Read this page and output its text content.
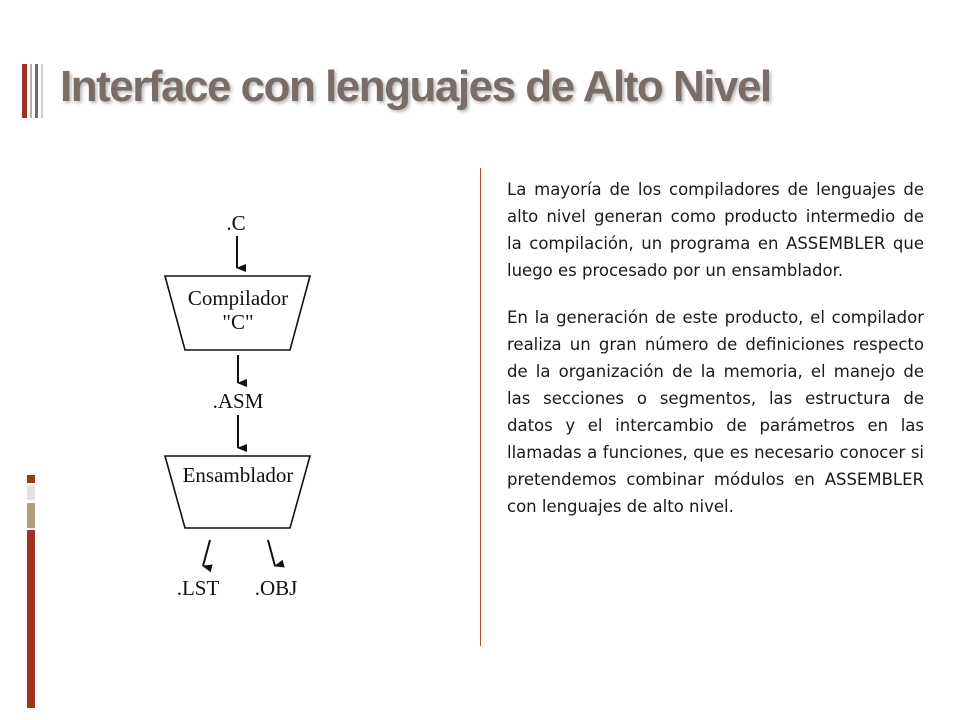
Interface con lenguajes de Alto Nivel
.C
Compilador
"C"
.ASM
Ensamblador
.LST .OBJ

La mayoría de los compiladores de lenguajes de alto nivel generan como producto intermedio de la compilación, un programa en ASSEMBLER que luego es procesado por un ensamblador.

En la generación de este producto, el compilador realiza un gran número de definiciones respecto de la organización de la memoria, el manejo de las secciones o segmentos, las estructura de datos y el intercambio de parámetros en las llamadas a funciones, que es necesario conocer si pretendemos combinar módulos en ASSEMBLER con lenguajes de alto nivel.
